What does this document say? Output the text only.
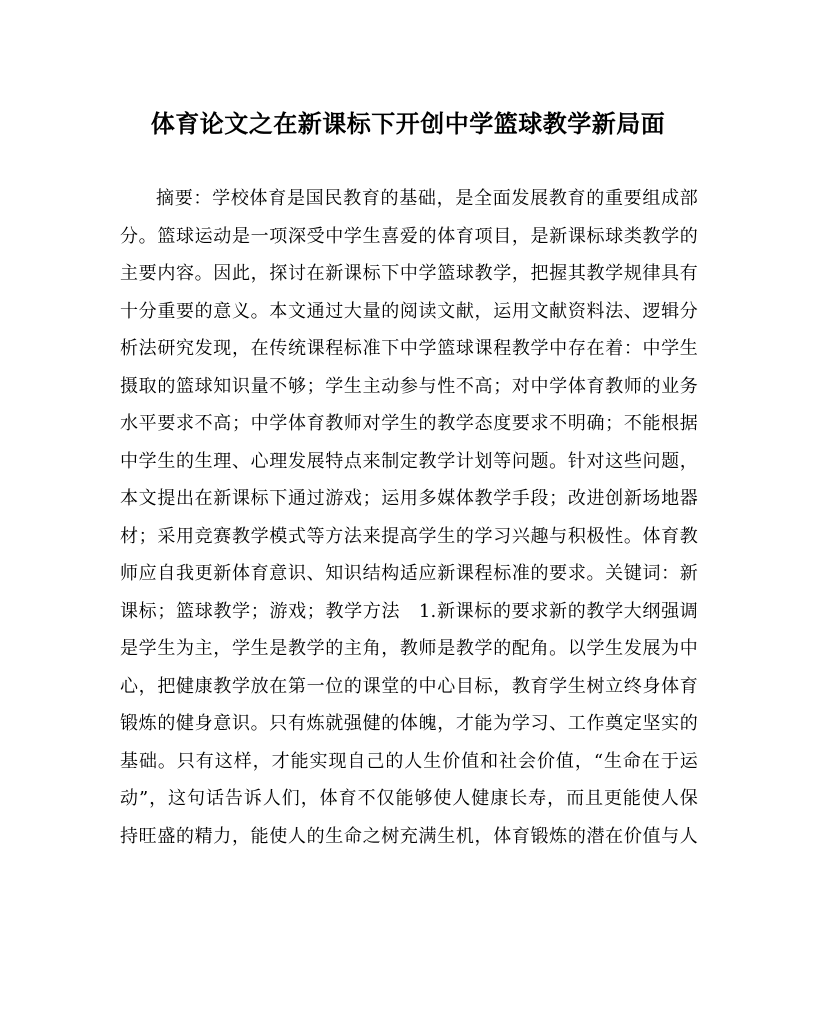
体育论文之在新课标下开创中学篮球教学新局面
摘要：学校体育是国民教育的基础，是全面发展教育的重要组成部
分。篮球运动是一项深受中学生喜爱的体育项目，是新课标球类教学的
主要内容。因此，探讨在新课标下中学篮球教学，把握其教学规律具有
十分重要的意义。本文通过大量的阅读文献，运用文献资料法、逻辑分
析法研究发现，在传统课程标准下中学篮球课程教学中存在着：中学生
摄取的篮球知识量不够；学生主动参与性不高；对中学体育教师的业务
水平要求不高；中学体育教师对学生的教学态度要求不明确；不能根据
中学生的生理、心理发展特点来制定教学计划等问题。针对这些问题，
本文提出在新课标下通过游戏；运用多媒体教学手段；改进创新场地器
材；采用竞赛教学模式等方法来提高学生的学习兴趣与积极性。体育教
师应自我更新体育意识、知识结构适应新课程标准的要求。关键词：新
课标；篮球教学；游戏；教学方法　1.新课标的要求新的教学大纲强调
是学生为主，学生是教学的主角，教师是教学的配角。以学生发展为中
心，把健康教学放在第一位的课堂的中心目标，教育学生树立终身体育
锻炼的健身意识。只有炼就强健的体魄，才能为学习、工作奠定坚实的
基础。只有这样，才能实现自己的人生价值和社会价值，“生命在于运
动”，这句话告诉人们，体育不仅能够使人健康长寿，而且更能使人保
持旺盛的精力，能使人的生命之树充满生机，体育锻炼的潜在价值与人
